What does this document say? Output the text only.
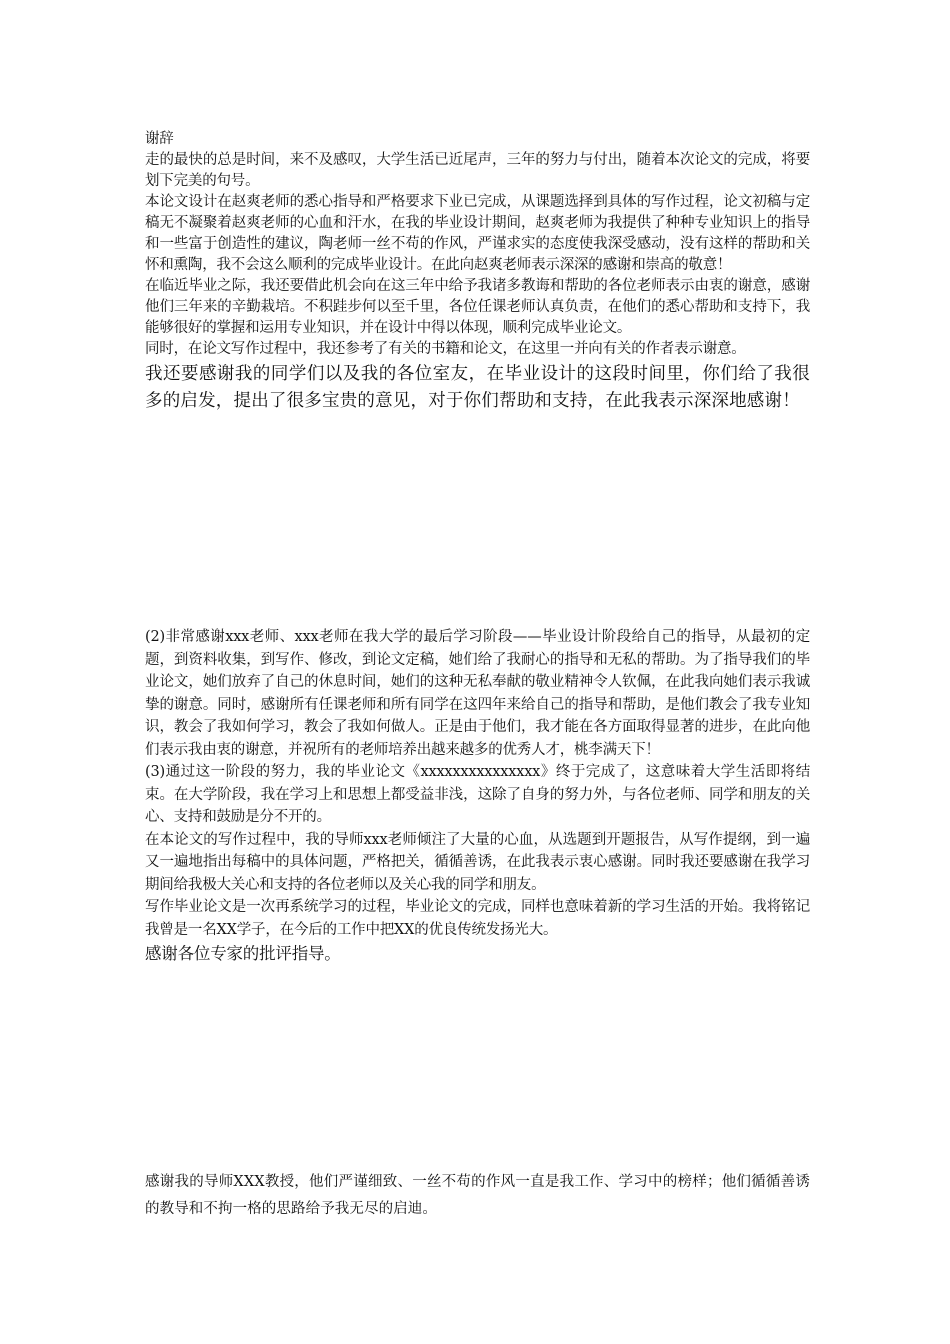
谢辞

走的最快的总是时间，来不及感叹，大学生活已近尾声，三年的努力与付出，随着本次论文的完成，将要划下完美的句号。

本论文设计在赵爽老师的悉心指导和严格要求下业已完成，从课题选择到具体的写作过程，论文初稿与定稿无不凝聚着赵爽老师的心血和汗水，在我的毕业设计期间，赵爽老师为我提供了种种专业知识上的指导和一些富于创造性的建议，陶老师一丝不苟的作风，严谨求实的态度使我深受感动，没有这样的帮助和关怀和熏陶，我不会这么顺利的完成毕业设计。在此向赵爽老师表示深深的感谢和崇高的敬意！

在临近毕业之际，我还要借此机会向在这三年中给予我诸多教诲和帮助的各位老师表示由衷的谢意，感谢他们三年来的辛勤栽培。不积跬步何以至千里，各位任课老师认真负责，在他们的悉心帮助和支持下，我能够很好的掌握和运用专业知识，并在设计中得以体现，顺利完成毕业论文。

同时，在论文写作过程中，我还参考了有关的书籍和论文，在这里一并向有关的作者表示谢意。

我还要感谢我的同学们以及我的各位室友，在毕业设计的这段时间里，你们给了我很多的启发，提出了很多宝贵的意见，对于你们帮助和支持，在此我表示深深地感谢！

(2)非常感谢xxx老师、xxx老师在我大学的最后学习阶段——毕业设计阶段给自己的指导，从最初的定题，到资料收集，到写作、修改，到论文定稿，她们给了我耐心的指导和无私的帮助。为了指导我们的毕业论文，她们放弃了自己的休息时间，她们的这种无私奉献的敬业精神令人钦佩，在此我向她们表示我诚挚的谢意。同时，感谢所有任课老师和所有同学在这四年来给自己的指导和帮助，是他们教会了我专业知识，教会了我如何学习，教会了我如何做人。正是由于他们，我才能在各方面取得显著的进步，在此向他们表示我由衷的谢意，并祝所有的老师培养出越来越多的优秀人才，桃李满天下！

(3)通过这一阶段的努力，我的毕业论文《xxxxxxxxxxxxxxx》终于完成了，这意味着大学生活即将结束。在大学阶段，我在学习上和思想上都受益非浅，这除了自身的努力外，与各位老师、同学和朋友的关心、支持和鼓励是分不开的。

在本论文的写作过程中，我的导师xxx老师倾注了大量的心血，从选题到开题报告，从写作提纲，到一遍又一遍地指出每稿中的具体问题，严格把关，循循善诱，在此我表示衷心感谢。同时我还要感谢在我学习期间给我极大关心和支持的各位老师以及关心我的同学和朋友。

写作毕业论文是一次再系统学习的过程，毕业论文的完成，同样也意味着新的学习生活的开始。我将铭记我曾是一名XX学子，在今后的工作中把XX的优良传统发扬光大。

感谢各位专家的批评指导。

感谢我的导师XXX教授，他们严谨细致、一丝不苟的作风一直是我工作、学习中的榜样；他们循循善诱的教导和不拘一格的思路给予我无尽的启迪。
